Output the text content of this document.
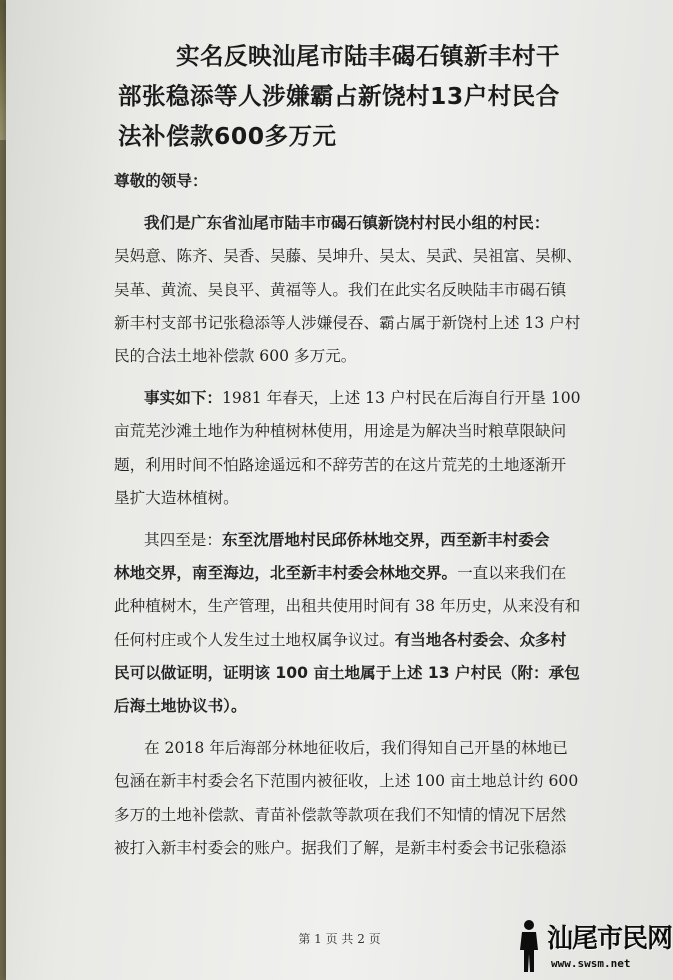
实名反映汕尾市陆丰碣石镇新丰村干
部张稳添等人涉嫌霸占新饶村13户村民合
法补偿款600多万元

尊敬的领导：

我们是广东省汕尾市陆丰市碣石镇新饶村村民小组的村民：

吴妈意、陈齐、吴香、吴藤、吴坤升、吴太、吴武、吴祖富、吴柳、

吴革、黄流、吴良平、黄福等人。我们在此实名反映陆丰市碣石镇

新丰村支部书记张稳添等人涉嫌侵吞、霸占属于新饶村上述 13 户村

民的合法土地补偿款 600 多万元。

事实如下：1981 年春天，上述 13 户村民在后海自行开垦 100

亩荒芜沙滩土地作为种植树林使用，用途是为解决当时粮草限缺问

题，利用时间不怕路途遥远和不辞劳苦的在这片荒芜的土地逐渐开

垦扩大造林植树。

其四至是：东至沈厝地村民邱侨林地交界，西至新丰村委会

林地交界，南至海边，北至新丰村委会林地交界。一直以来我们在

此种植树木，生产管理，出租共使用时间有 38 年历史，从来没有和

任何村庄或个人发生过土地权属争议过。有当地各村委会、众多村

民可以做证明，证明该 100 亩土地属于上述 13 户村民（附：承包

后海土地协议书）。

在 2018 年后海部分林地征收后，我们得知自己开垦的林地已

包涵在新丰村委会名下范围内被征收，上述 100 亩土地总计约 600

多万的土地补偿款、青苗补偿款等款项在我们不知情的情况下居然

被打入新丰村委会的账户。据我们了解，是新丰村委会书记张稳添

第 1 页 共 2 页	汕尾市民网
www.swsm.net
